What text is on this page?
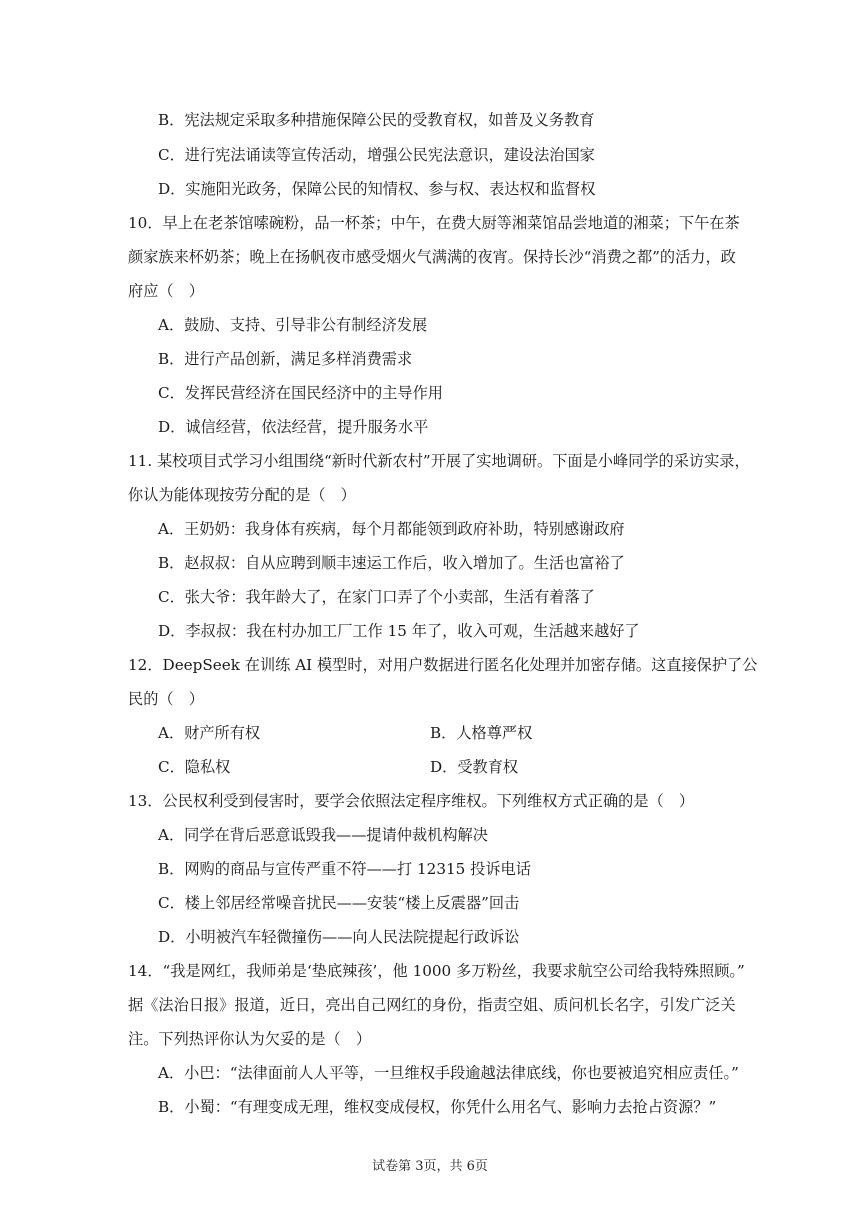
B．宪法规定采取多种措施保障公民的受教育权，如普及义务教育
C．进行宪法诵读等宣传活动，增强公民宪法意识，建设法治国家
D．实施阳光政务，保障公民的知情权、参与权、表达权和监督权
10．早上在老茶馆嗦碗粉，品一杯茶；中午，在费大厨等湘菜馆品尝地道的湘菜；下午在茶
颜家族来杯奶茶；晚上在扬帆夜市感受烟火气满满的夜宵。保持长沙“消费之都”的活力，政
府应（　）
A．鼓励、支持、引导非公有制经济发展
B．进行产品创新，满足多样消费需求
C．发挥民营经济在国民经济中的主导作用
D．诚信经营，依法经营，提升服务水平
11. 某校项目式学习小组围绕“新时代新农村”开展了实地调研。下面是小峰同学的采访实录，
你认为能体现按劳分配的是（　）
A．王奶奶：我身体有疾病，每个月都能领到政府补助，特别感谢政府
B．赵叔叔：自从应聘到顺丰速运工作后，收入增加了。生活也富裕了
C．张大爷：我年龄大了，在家门口弄了个小卖部，生活有着落了
D．李叔叔：我在村办加工厂工作 15 年了，收入可观，生活越来越好了
12．DeepSeek 在训练 AI 模型时，对用户数据进行匿名化处理并加密存储。这直接保护了公
民的（　）
A．财产所有权	B．人格尊严权
C．隐私权	D．受教育权
13．公民权利受到侵害时，要学会依照法定程序维权。下列维权方式正确的是（　）
A．同学在背后恶意诋毁我——提请仲裁机构解决
B．网购的商品与宣传严重不符——打 12315 投诉电话
C．楼上邻居经常噪音扰民——安装“楼上反震器”回击
D．小明被汽车轻微撞伤——向人民法院提起行政诉讼
14．“我是网红，我师弟是‘垫底辣孩’，他 1000 多万粉丝，我要求航空公司给我特殊照顾。”
据《法治日报》报道，近日，亮出自己网红的身份，指责空姐、质问机长名字，引发广泛关
注。下列热评你认为欠妥的是（　）
A．小巴：“法律面前人人平等，一旦维权手段逾越法律底线，你也要被追究相应责任。”
B．小蜀：“有理变成无理，维权变成侵权，你凭什么用名气、影响力去抢占资源？”
试卷第 3页，共 6页
